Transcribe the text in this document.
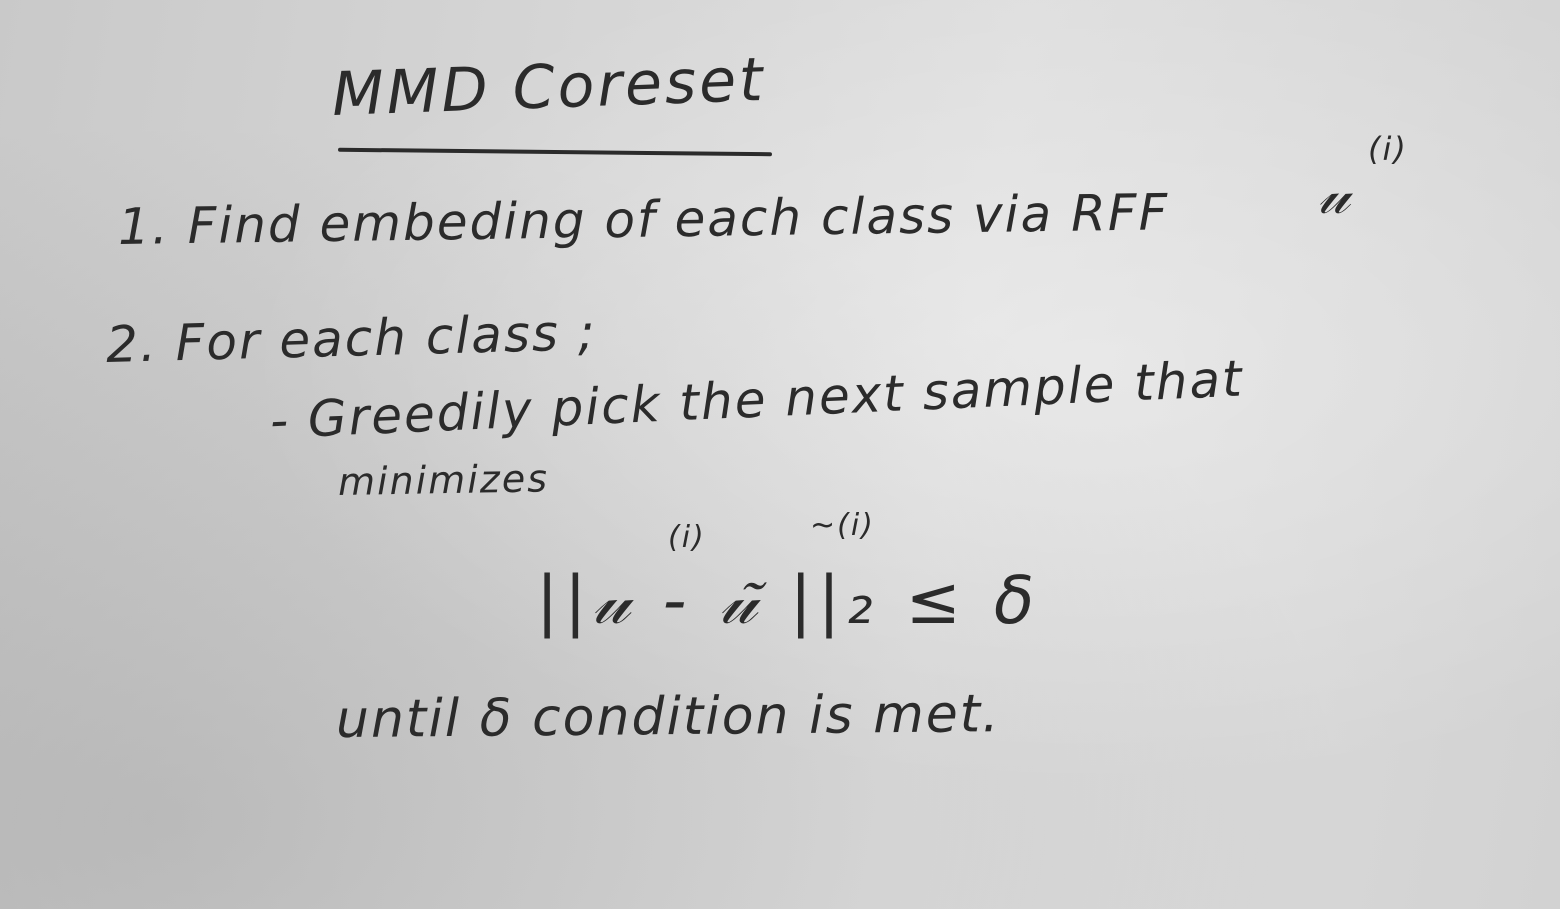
MMD Coreset
1. Find embeding of each class via RFF	𝓊
(i)
2. For each class ;
- Greedily pick the next sample that
minimizes
(i)	~(i)
||𝓊 - 𝓊̃ ||₂ ≤ δ
until δ condition is met.
